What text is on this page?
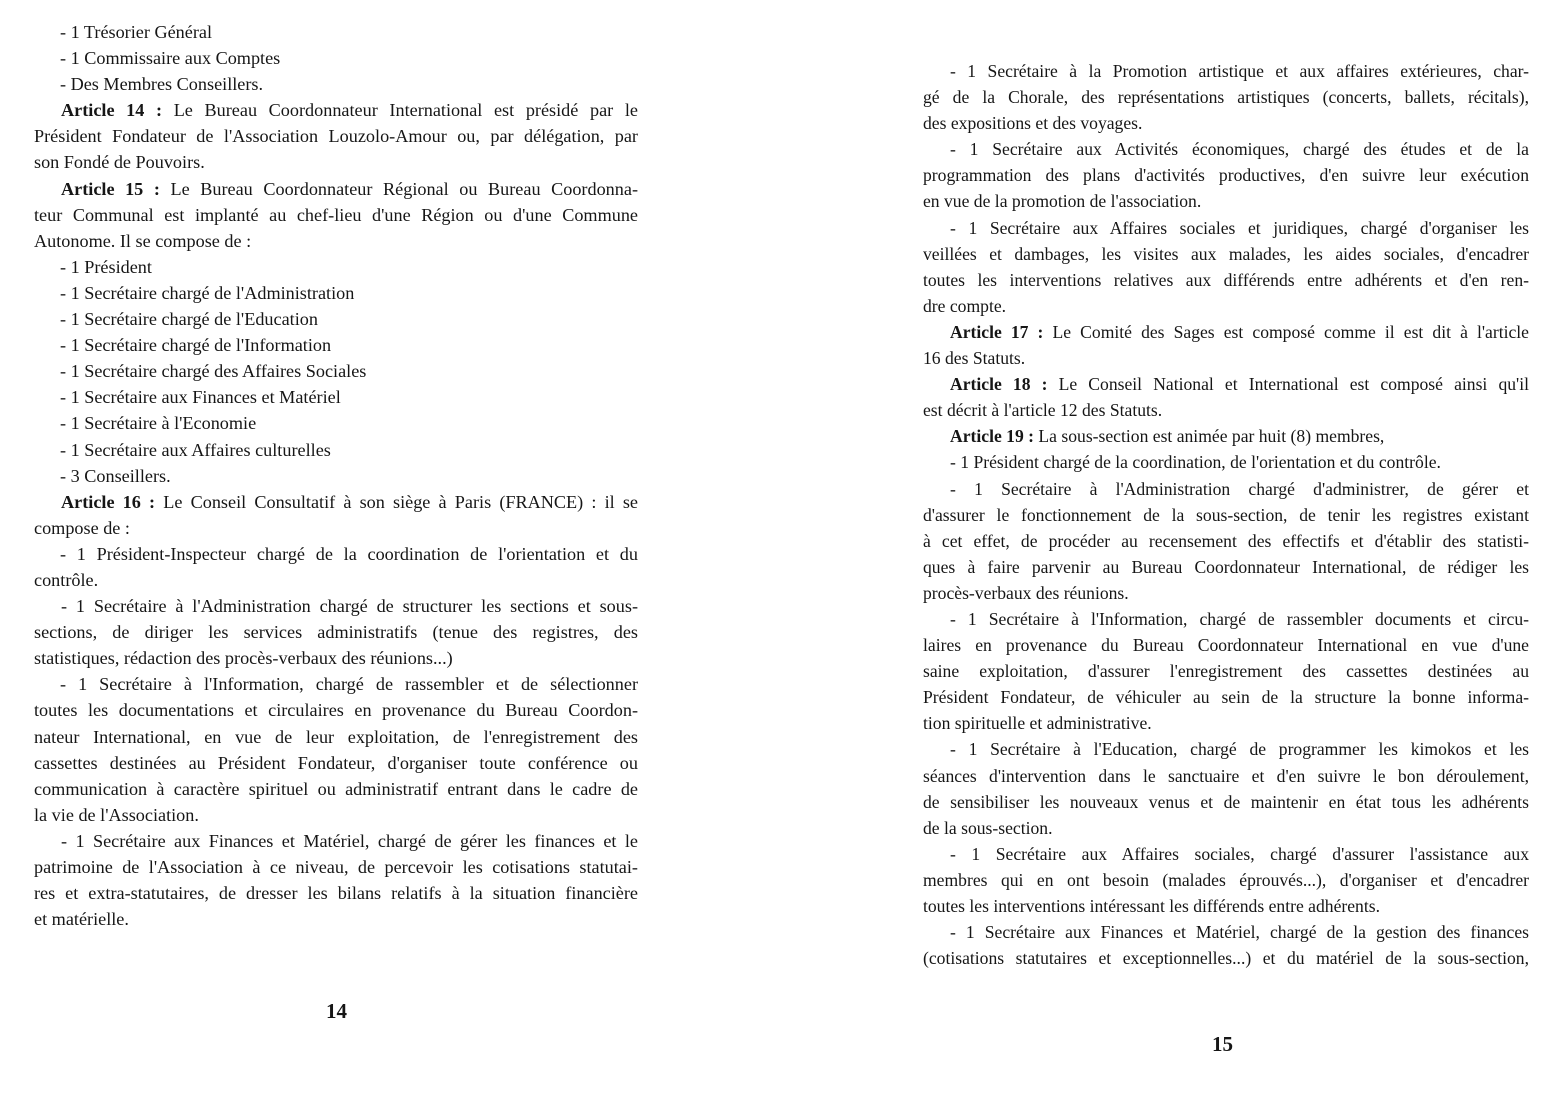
- 1 Trésorier Général
- 1 Commissaire aux Comptes
- Des Membres Conseillers.
Article 14 : Le Bureau Coordonnateur International est présidé par le
Président Fondateur de l'Association Louzolo-Amour ou, par délégation, par
son Fondé de Pouvoirs.
Article 15 : Le Bureau Coordonnateur Régional ou Bureau Coordonna-
teur Communal est implanté au chef-lieu d'une Région ou d'une Commune
Autonome. Il se compose de :
- 1 Président
- 1 Secrétaire chargé de l'Administration
- 1 Secrétaire chargé de l'Education
- 1 Secrétaire chargé de l'Information
- 1 Secrétaire chargé des Affaires Sociales
- 1 Secrétaire aux Finances et Matériel
- 1 Secrétaire à l'Economie
- 1 Secrétaire aux Affaires culturelles
- 3 Conseillers.
Article 16 : Le Conseil Consultatif à son siège à Paris (FRANCE) : il se
compose de :
- 1 Président-Inspecteur chargé de la coordination de l'orientation et du
contrôle.
- 1 Secrétaire à l'Administration chargé de structurer les sections et sous-
sections, de diriger les services administratifs (tenue des registres, des
statistiques, rédaction des procès-verbaux des réunions...)
- 1 Secrétaire à l'Information, chargé de rassembler et de sélectionner
toutes les documentations et circulaires en provenance du Bureau Coordon-
nateur International, en vue de leur exploitation, de l'enregistrement des
cassettes destinées au Président Fondateur, d'organiser toute conférence ou
communication à caractère spirituel ou administratif entrant dans le cadre de
la vie de l'Association.
- 1 Secrétaire aux Finances et Matériel, chargé de gérer les finances et le
patrimoine de l'Association à ce niveau, de percevoir les cotisations statutai-
res et extra-statutaires, de dresser les bilans relatifs à la situation financière
et matérielle.
14
- 1 Secrétaire à la Promotion artistique et aux affaires extérieures, char-
gé de la Chorale, des représentations artistiques (concerts, ballets, récitals),
des expositions et des voyages.
- 1 Secrétaire aux Activités économiques, chargé des études et de la
programmation des plans d'activités productives, d'en suivre leur exécution
en vue de la promotion de l'association.
- 1 Secrétaire aux Affaires sociales et juridiques, chargé d'organiser les
veillées et dambages, les visites aux malades, les aides sociales, d'encadrer
toutes les interventions relatives aux différends entre adhérents et d'en ren-
dre compte.
Article 17 : Le Comité des Sages est composé comme il est dit à l'article
16 des Statuts.
Article 18 : Le Conseil National et International est composé ainsi qu'il
est décrit à l'article 12 des Statuts.
Article 19 : La sous-section est animée par huit (8) membres,
- 1 Président chargé de la coordination, de l'orientation et du contrôle.
- 1 Secrétaire à l'Administration chargé d'administrer, de gérer et
d'assurer le fonctionnement de la sous-section, de tenir les registres existant
à cet effet, de procéder au recensement des effectifs et d'établir des statisti-
ques à faire parvenir au Bureau Coordonnateur International, de rédiger les
procès-verbaux des réunions.
- 1 Secrétaire à l'Information, chargé de rassembler documents et circu-
laires en provenance du Bureau Coordonnateur International en vue d'une
saine exploitation, d'assurer l'enregistrement des cassettes destinées au
Président Fondateur, de véhiculer au sein de la structure la bonne informa-
tion spirituelle et administrative.
- 1 Secrétaire à l'Education, chargé de programmer les kimokos et les
séances d'intervention dans le sanctuaire et d'en suivre le bon déroulement,
de sensibiliser les nouveaux venus et de maintenir en état tous les adhérents
de la sous-section.
- 1 Secrétaire aux Affaires sociales, chargé d'assurer l'assistance aux
membres qui en ont besoin (malades éprouvés...), d'organiser et d'encadrer
toutes les interventions intéressant les différends entre adhérents.
- 1 Secrétaire aux Finances et Matériel, chargé de la gestion des finances
(cotisations statutaires et exceptionnelles...) et du matériel de la sous-section,
15
